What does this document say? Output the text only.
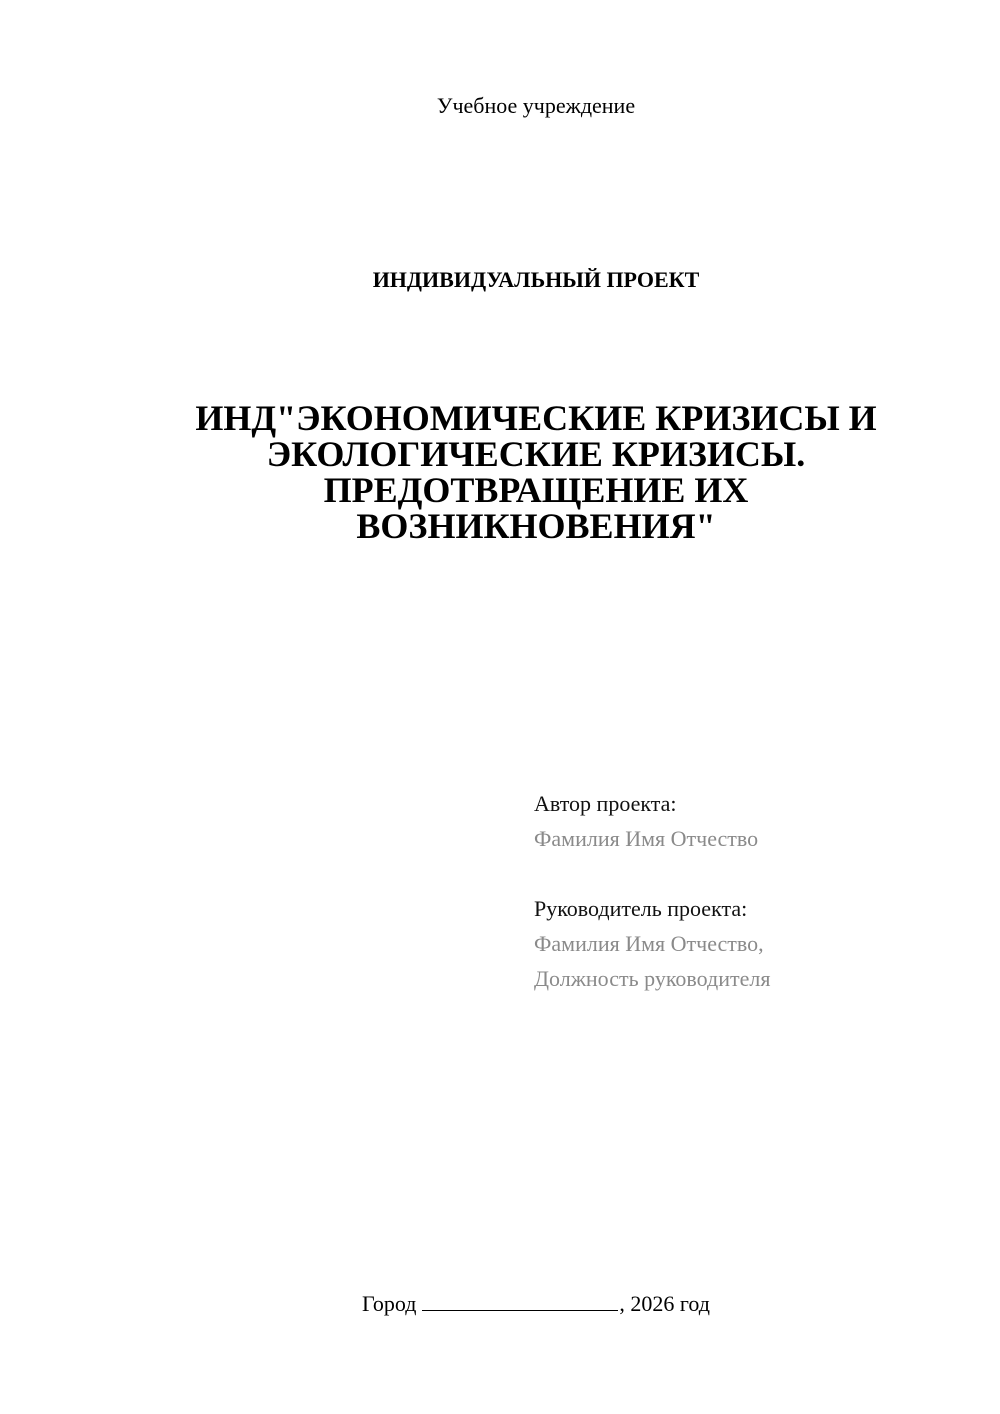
Учебное учреждение
ИНДИВИДУАЛЬНЫЙ ПРОЕКТ
ИНД"ЭКОНОМИЧЕСКИЕ КРИЗИСЫ И
ЭКОЛОГИЧЕСКИЕ КРИЗИСЫ.
ПРЕДОТВРАЩЕНИЕ ИХ
ВОЗНИКНОВЕНИЯ"
Автор проекта:
Фамилия Имя Отчество
Руководитель проекта:
Фамилия Имя Отчество,
Должность руководителя
Город	, 2026 год
